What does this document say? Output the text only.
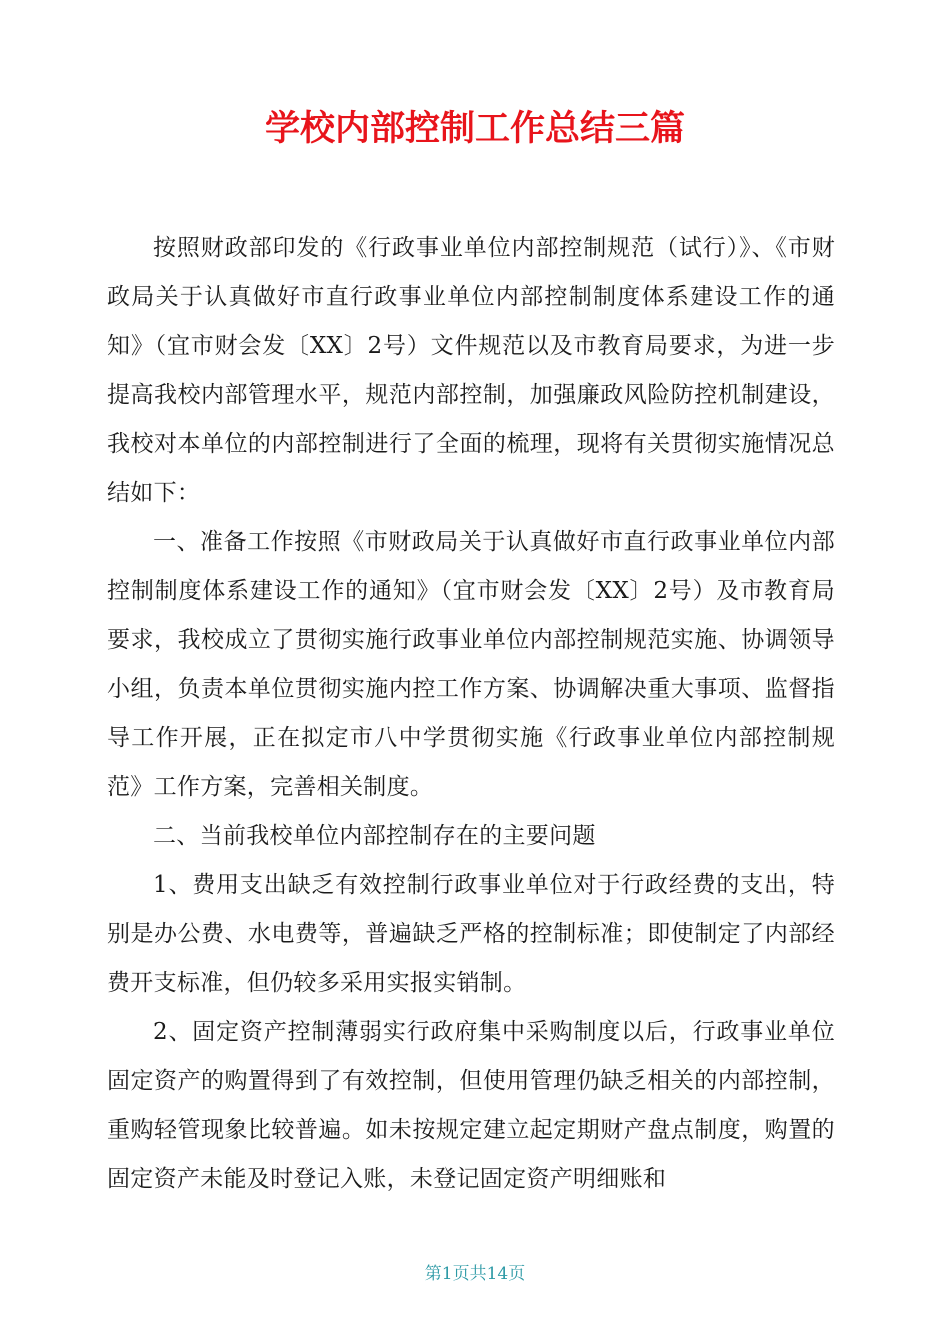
学校内部控制工作总结三篇

按照财政部印发的《行政事业单位内部控制规范（试行）》、《市财政局关于认真做好市直行政事业单位内部控制制度体系建设工作的通知》（宜市财会发〔XX〕2号）文件规范以及市教育局要求，为进一步提高我校内部管理水平，规范内部控制，加强廉政风险防控机制建设，我校对本单位的内部控制进行了全面的梳理，现将有关贯彻实施情况总结如下：

一、准备工作按照《市财政局关于认真做好市直行政事业单位内部控制制度体系建设工作的通知》（宜市财会发〔XX〕2号）及市教育局要求，我校成立了贯彻实施行政事业单位内部控制规范实施、协调领导小组，负责本单位贯彻实施内控工作方案、协调解决重大事项、监督指导工作开展，正在拟定市八中学贯彻实施《行政事业单位内部控制规范》工作方案，完善相关制度。

二、当前我校单位内部控制存在的主要问题

1、费用支出缺乏有效控制行政事业单位对于行政经费的支出，特别是办公费、水电费等，普遍缺乏严格的控制标准；即使制定了内部经费开支标准，但仍较多采用实报实销制。

2、固定资产控制薄弱实行政府集中采购制度以后，行政事业单位固定资产的购置得到了有效控制，但使用管理仍缺乏相关的内部控制，重购轻管现象比较普遍。如未按规定建立起定期财产盘点制度，购置的固定资产未能及时登记入账，未登记固定资产明细账和

第1页共14页
